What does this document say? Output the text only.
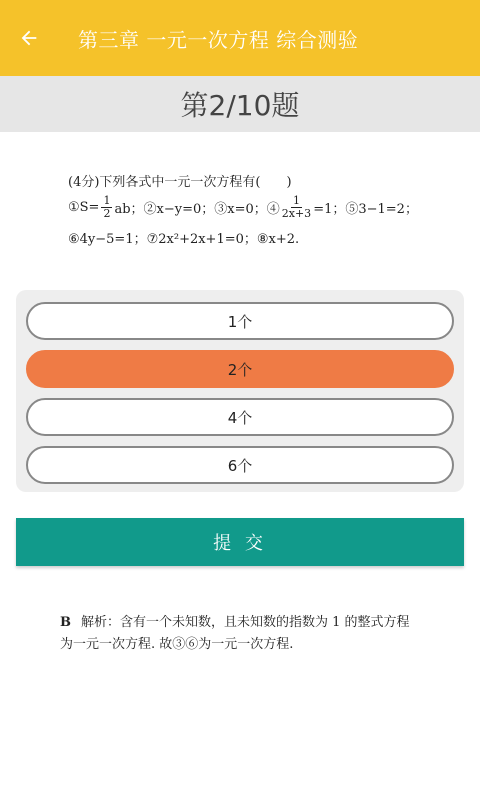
第三章 一元一次方程 综合测验
第2/10题
(4分)下列各式中一元一次方程有(　　)
①S= $\frac{1}{2}$ ab；②x−y=0；③x=0；④ $\frac{1}{2x+3} =1$；⑤3−1=2；
⑥4y−5=1；⑦2x²+2x+1=0；⑧x+2.
1个
2个
4个
6个
提 交
B 解析：含有一个未知数，且未知数的指数为 1 的整式方程
为一元一次方程. 故③⑥为一元一次方程.
